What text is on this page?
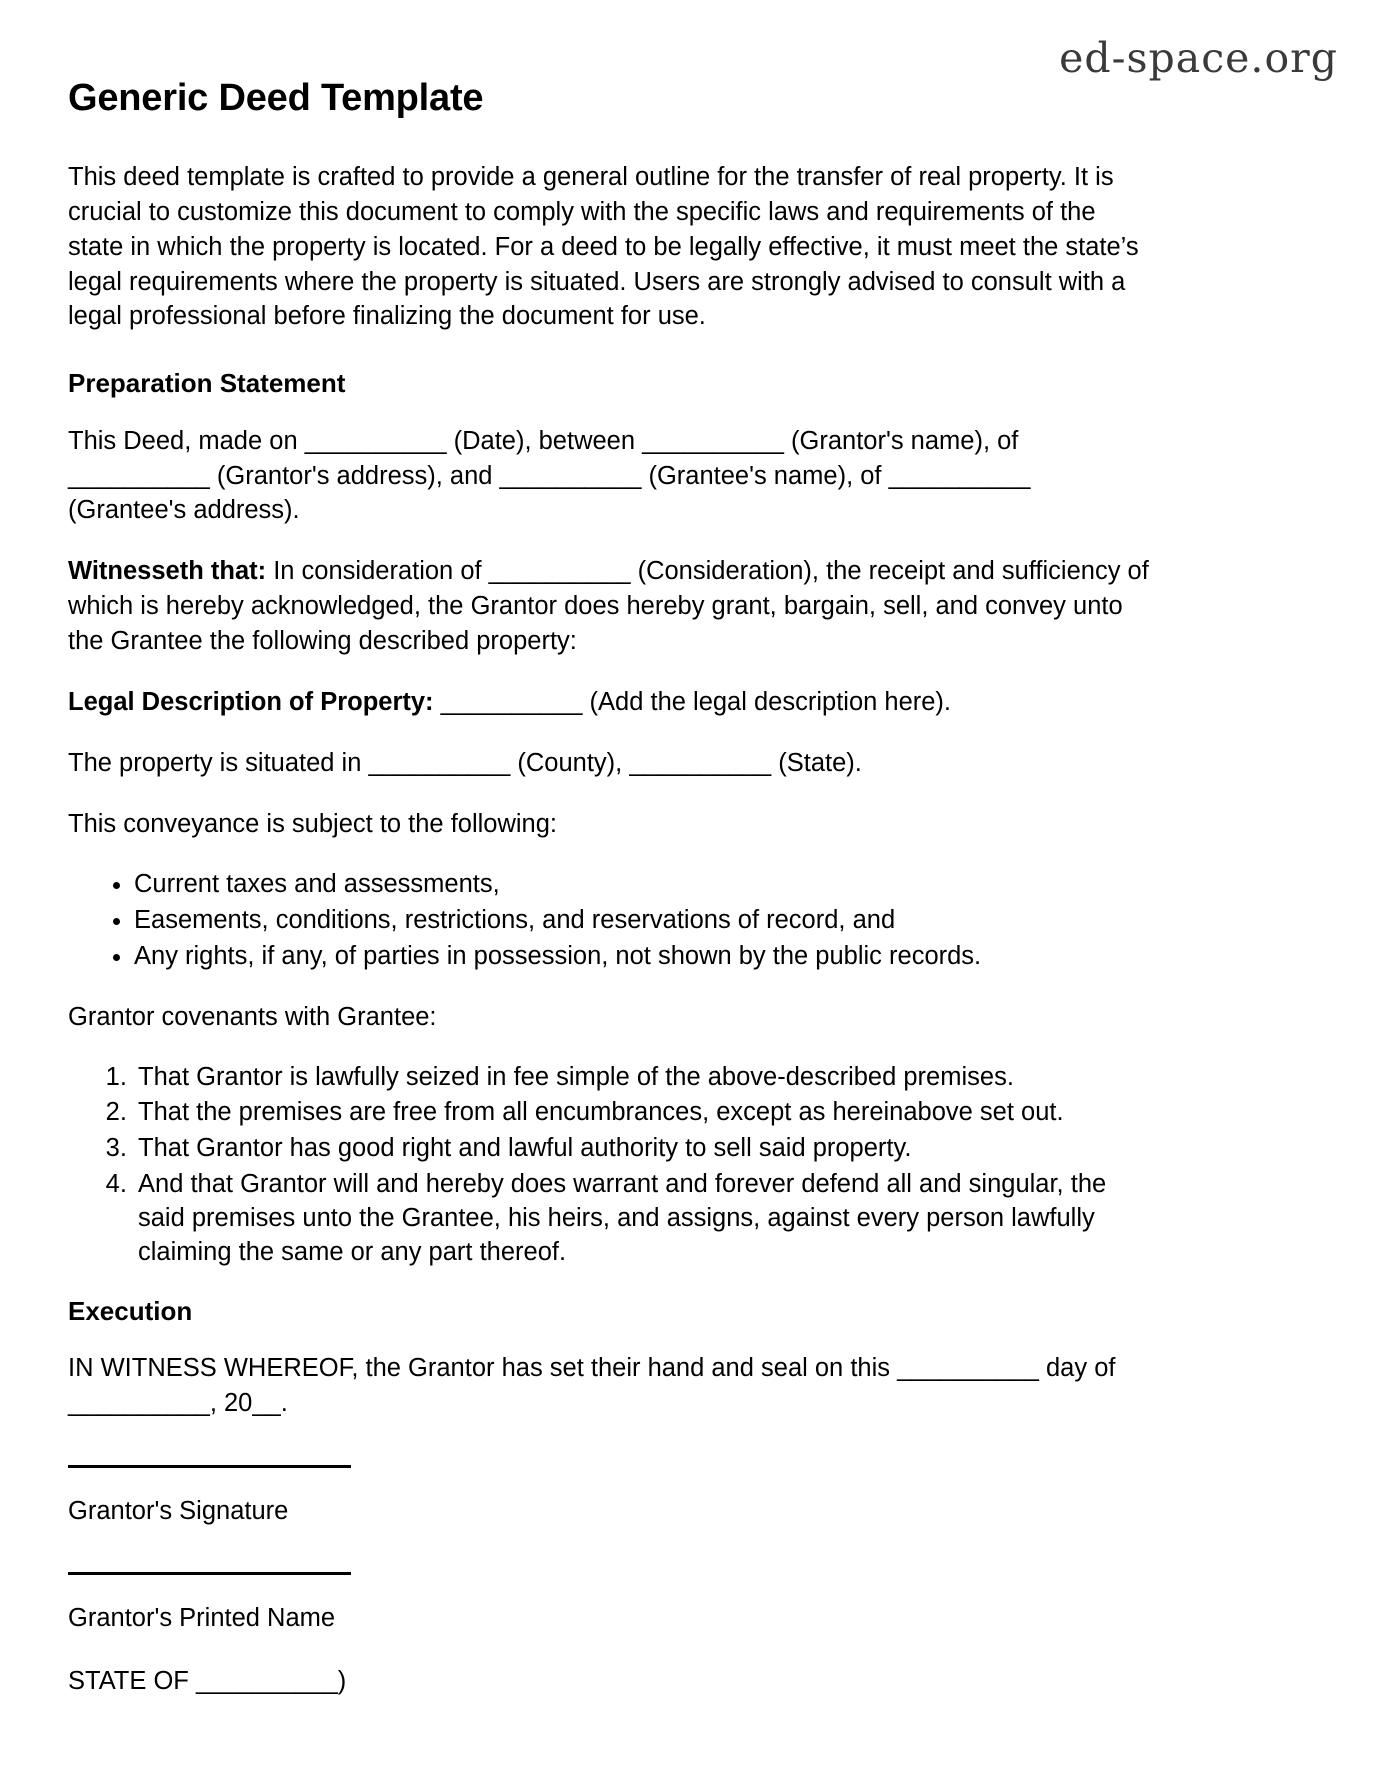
ed-space.org
Generic Deed Template

This deed template is crafted to provide a general outline for the transfer of real property. It is crucial to customize this document to comply with the specific laws and requirements of the state in which the property is located. For a deed to be legally effective, it must meet the state’s legal requirements where the property is situated. Users are strongly advised to consult with a legal professional before finalizing the document for use.

Preparation Statement

This Deed, made on __________ (Date), between __________ (Grantor's name), of __________ (Grantor's address), and __________ (Grantee's name), of __________ (Grantee's address).

Witnesseth that: In consideration of __________ (Consideration), the receipt and sufficiency of which is hereby acknowledged, the Grantor does hereby grant, bargain, sell, and convey unto the Grantee the following described property:

Legal Description of Property: __________ (Add the legal description here).

The property is situated in __________ (County), __________ (State).

This conveyance is subject to the following:

• Current taxes and assessments,
• Easements, conditions, restrictions, and reservations of record, and
• Any rights, if any, of parties in possession, not shown by the public records.

Grantor covenants with Grantee:

1. That Grantor is lawfully seized in fee simple of the above-described premises.
2. That the premises are free from all encumbrances, except as hereinabove set out.
3. That Grantor has good right and lawful authority to sell said property.
4. And that Grantor will and hereby does warrant and forever defend all and singular, the said premises unto the Grantee, his heirs, and assigns, against every person lawfully claiming the same or any part thereof.
Execution

IN WITNESS WHEREOF, the Grantor has set their hand and seal on this __________ day of __________, 20__.

Grantor's Signature

Grantor's Printed Name

STATE OF __________)
